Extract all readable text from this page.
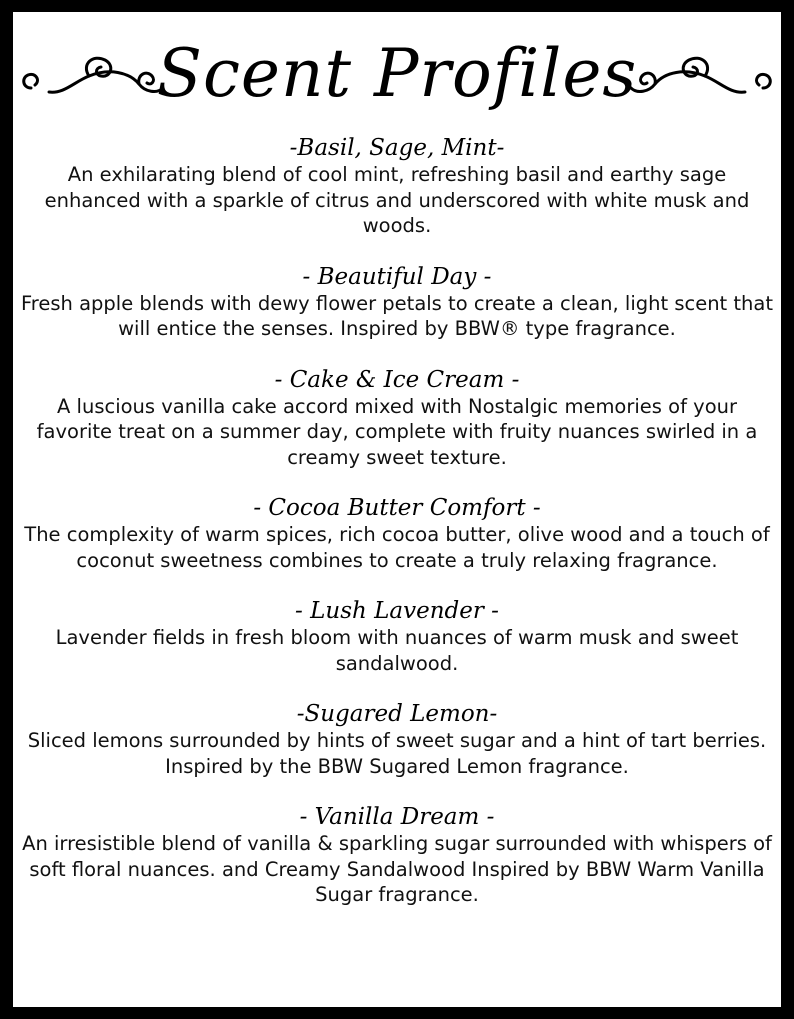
Scent Profiles
-Basil, Sage, Mint-
An exhilarating blend of cool mint, refreshing basil and earthy sage enhanced with a sparkle of citrus and underscored with white musk and woods.
- Beautiful Day -
Fresh apple blends with dewy flower petals to create a clean, light scent that will entice the senses. Inspired by BBW® type fragrance.
- Cake & Ice Cream -
A luscious vanilla cake accord mixed with Nostalgic memories of your favorite treat on a summer day, complete with fruity nuances swirled in a creamy sweet texture.
- Cocoa Butter Comfort -
The complexity of warm spices, rich cocoa butter, olive wood and a touch of coconut sweetness combines to create a truly relaxing fragrance.
- Lush Lavender -
Lavender fields in fresh bloom with nuances of warm musk and sweet sandalwood.
-Sugared Lemon-
Sliced lemons surrounded by hints of sweet sugar and a hint of tart berries. Inspired by the BBW Sugared Lemon fragrance.
- Vanilla Dream -
An irresistible blend of vanilla & sparkling sugar surrounded with whispers of soft floral nuances. and Creamy Sandalwood Inspired by BBW Warm Vanilla Sugar fragrance.
